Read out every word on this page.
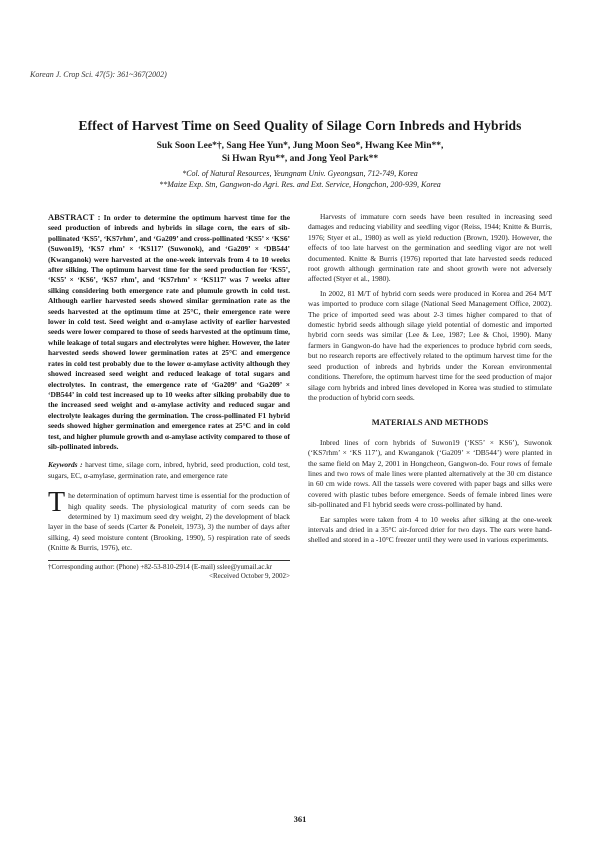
Korean J. Crop Sci. 47(5): 361~367(2002)
Effect of Harvest Time on Seed Quality of Silage Corn Inbreds and Hybrids
Suk Soon Lee*†, Sang Hee Yun*, Jung Moon Seo*, Hwang Kee Min**,
Si Hwan Ryu**, and Jong Yeol Park**
*Col. of Natural Resources, Yeungnam Univ. Gyeongsan, 712-749, Korea
**Maize Exp. Stn, Gangwon-do Agri. Res. and Ext. Service, Hongchon, 200-939, Korea
ABSTRACT : In order to determine the optimum harvest time for the seed production of inbreds and hybrids in silage corn, the ears of sib-pollinated ‘KS5’, ‘KS7rhm’, and ‘Ga209’ and cross-pollinated ‘KS5’ × ‘KS6’ (Suwon19), ‘KS7 rhm’ × ‘KS117’ (Suwonok), and ‘Ga209’ × ‘DB544’ (Kwanganok) were harvested at the one-week intervals from 4 to 10 weeks after silking. The optimum harvest time for the seed production for ‘KS5’, ‘KS5’ × ‘KS6’, ‘KS7 rhm’, and ‘KS7rhm’ × ‘KS117’ was 7 weeks after silking considering both emergence rate and plumule growth in cold test. Although earlier harvested seeds showed similar germination rate as the seeds harvested at the optimum time at 25°C, their emergence rate were lower in cold test. Seed weight and α-amylase activity of earlier harvested seeds were lower compared to those of seeds harvested at the optimum time, while leakage of total sugars and electrolytes were higher. However, the later harvested seeds showed lower germination rates at 25°C and emergence rates in cold test probably due to the lower α-amylase activity although they showed increased seed weight and reduced leakage of total sugars and electrolytes. In contrast, the emergence rate of ‘Ga209’ and ‘Ga209’ × ‘DB544’ in cold test increased up to 10 weeks after silking probabily due to the increased seed weight and α-amylase activity and reduced sugar and electrolyte leakages during the germination. The cross-pollinated F1 hybrid seeds showed higher germination and emergence rates at 25°C and in cold test, and higher plumule growth and α-amylase activity compared to those of sib-pollinated inbreds.
Keywords : harvest time, silage corn, inbred, hybrid, seed production, cold test, sugars, EC, α-amylase, germination rate, and emergence rate
The determination of optimum harvest time is essential for the production of high quality seeds. The physiological maturity of corn seeds can be determined by 1) maximum seed dry weight, 2) the development of black layer in the base of seeds (Carter & Poneleit, 1973), 3) the number of days after silking, 4) seed moisture content (Brooking, 1990), 5) respiration rate of seeds (Knitte & Burris, 1976), etc.
†Corresponding author: (Phone) +82-53-810-2914 (E-mail) sslee@yumail.ac.kr
<Received October 9, 2002>

Harvests of immature corn seeds have been resulted in increasing seed damages and reducing viability and seedling vigor (Reiss, 1944; Knitte & Burris, 1976; Styer et al., 1980) as well as yield reduction (Brown, 1920). However, the effects of too late harvest on the germination and seedling vigor are not well documented. Knitte & Burris (1976) reported that late harvested seeds reduced root growth although germination rate and shoot growth were not adversely affected (Styer et al., 1980).

In 2002, 81 M/T of hybrid corn seeds were produced in Korea and 264 M/T was imported to produce corn silage (National Seed Management Office, 2002). The price of imported seed was about 2-3 times higher compared to that of domestic hybrid seeds although silage yield potential of domestic and imported hybrid corn seeds was similar (Lee & Lee, 1987; Lee & Choi, 1990). Many farmers in Gangwon-do have had the experiences to produce hybrid corn seeds, but no research reports are effectively related to the optimum harvest time for the seed production of inbreds and hybrids under the Korean environmental conditions. Therefore, the optimum harvest time for the seed production of major silage corn hybrids and inbred lines developed in Korea was studied to stimulate the production of hybrid corn seeds.

MATERIALS AND METHODS

Inbred lines of corn hybrids of Suwon19 (‘KS5’ × KS6’), Suwonok (‘KS7rhm’ × ‘KS 117’), and Kwanganok (‘Ga209’ × ‘DB544’) were planted in the same field on May 2, 2001 in Hongcheon, Gangwon-do. Four rows of female lines and two rows of male lines were planted alternatively at the 30 cm distance in 60 cm wide rows. All the tassels were covered with paper bags and silks were covered with plastic tubes before emergence. Seeds of female inbred lines were sib-pollinated and F1 hybrid seeds were cross-pollinated by hand.

Ear samples were taken from 4 to 10 weeks after silking at the one-week intervals and dried in a 35°C air-forced drier for two days. The ears were hand-shelled and stored in a -10°C freezer until they were used in various experiments.

361
